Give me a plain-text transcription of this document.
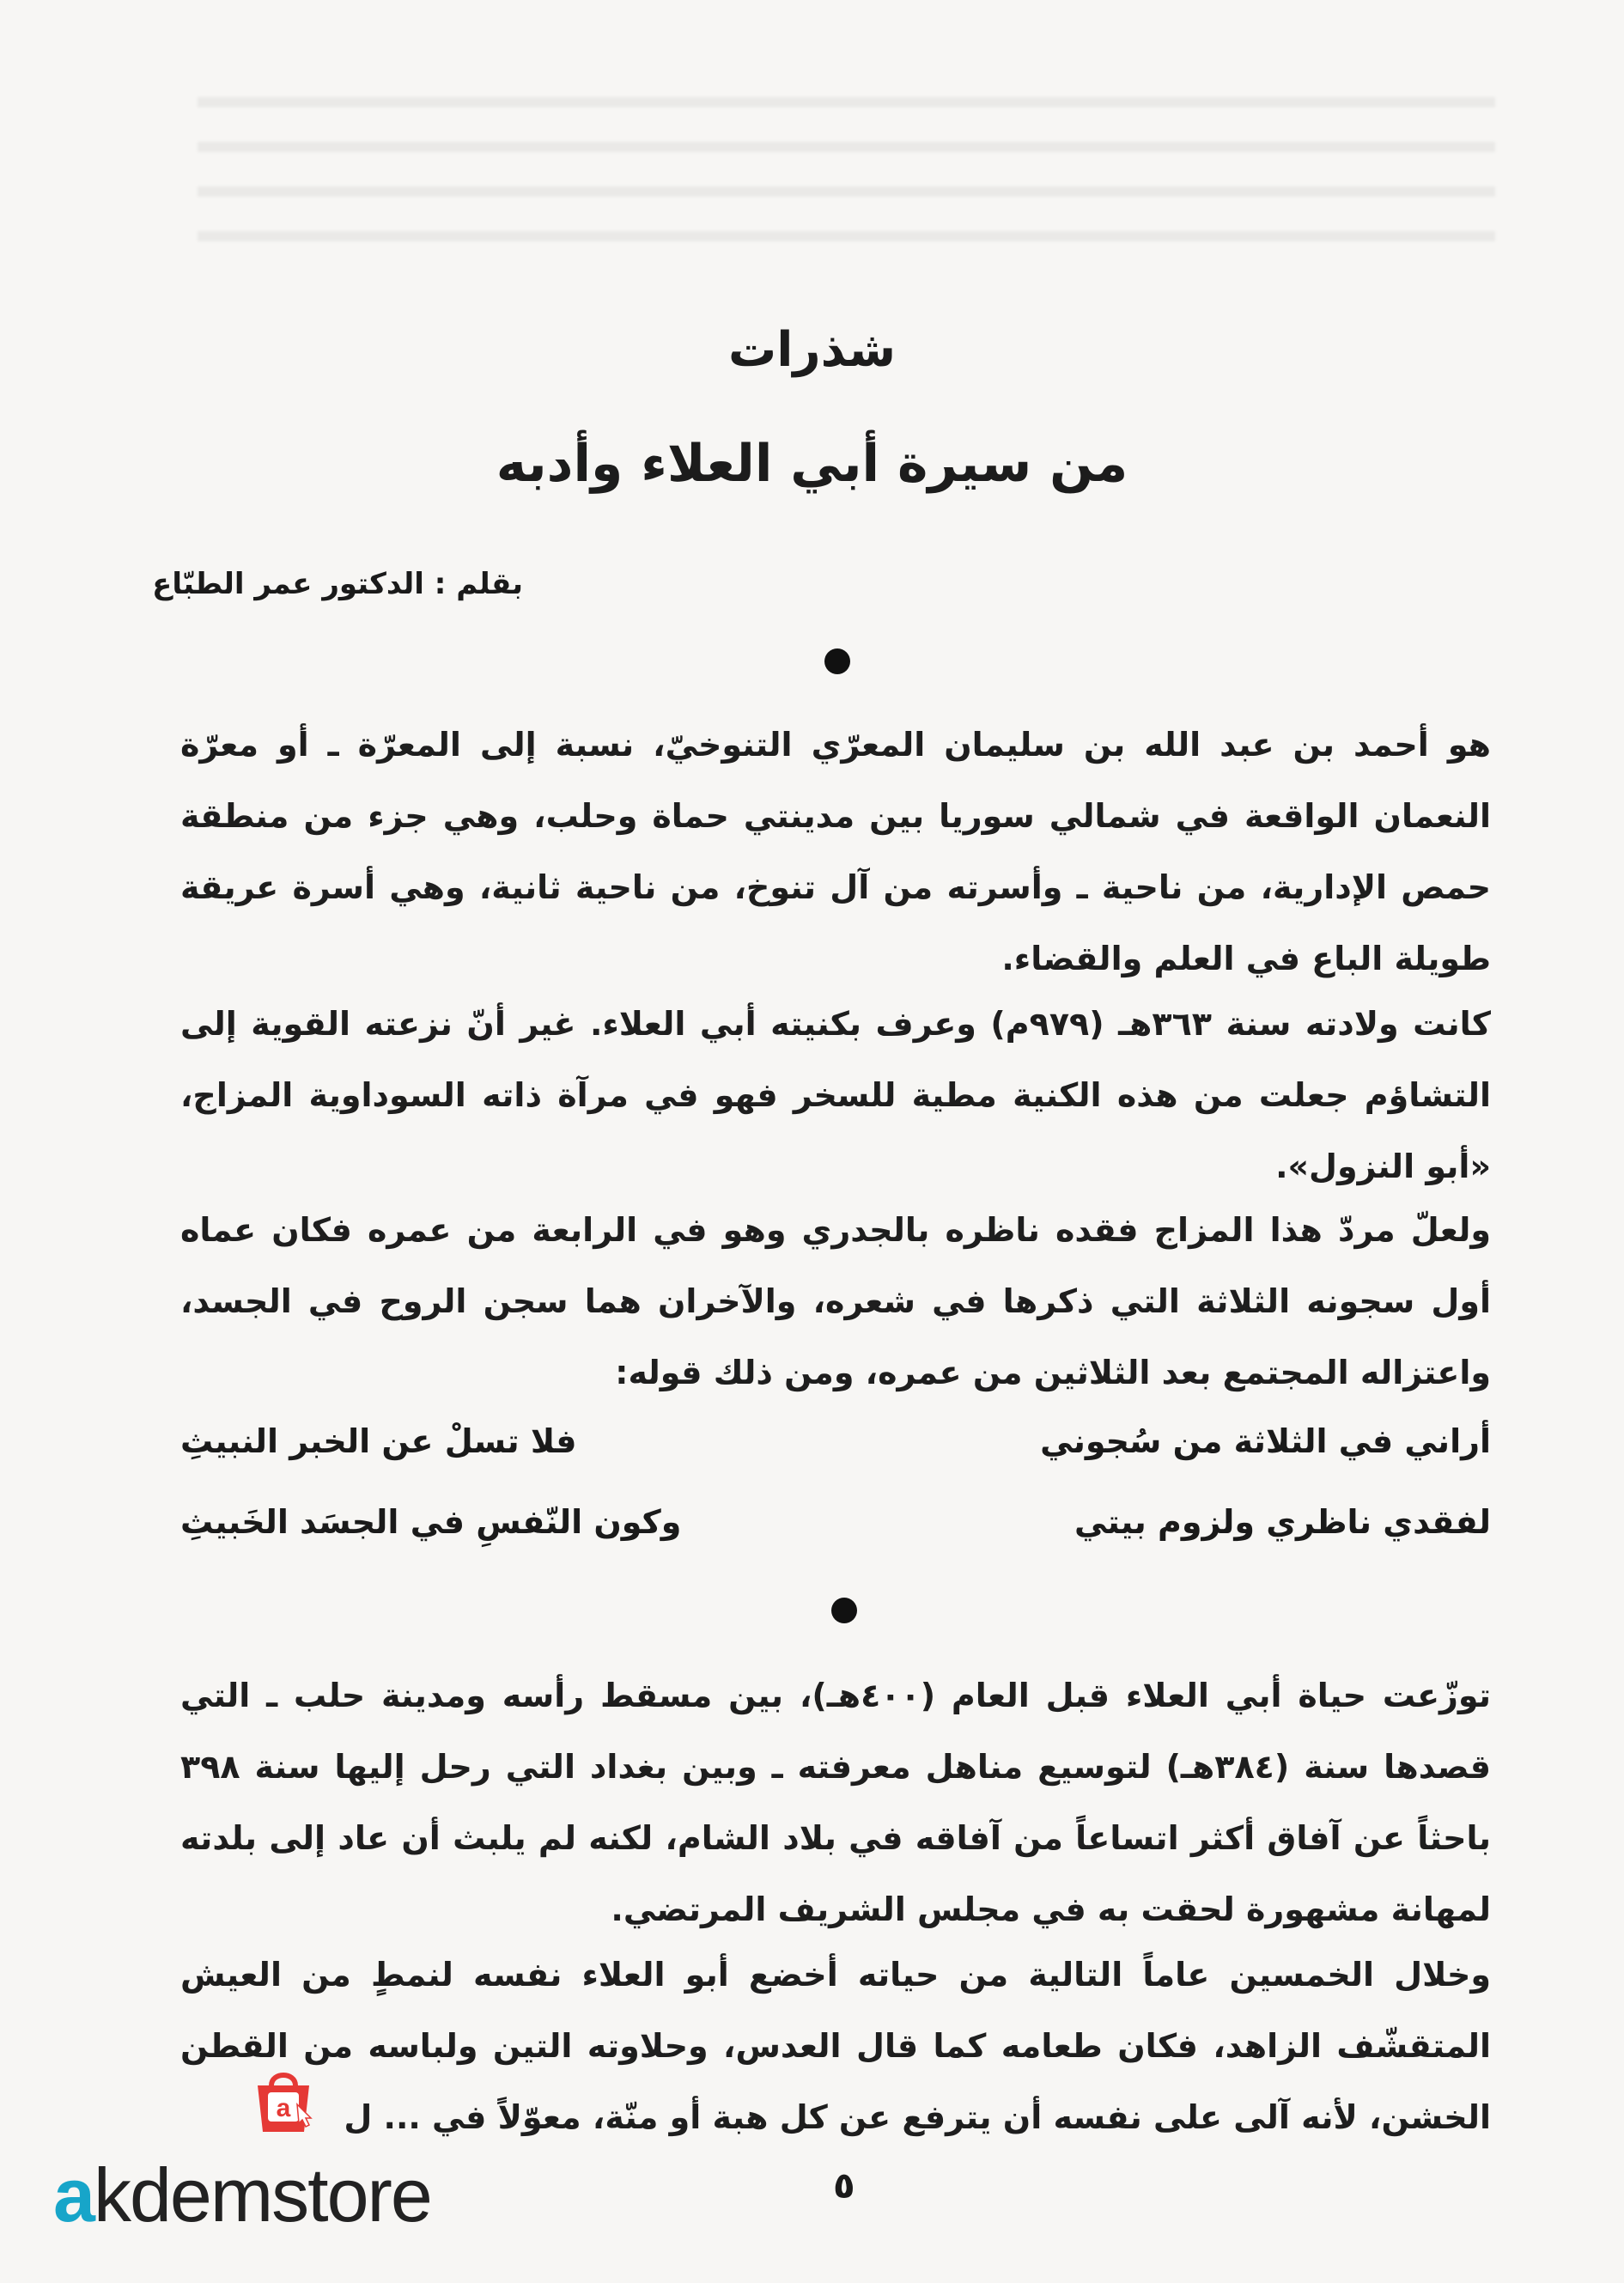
شذرات
من سيرة أبي العلاء وأدبه
بقلم : الدكتور عمر الطبّاع
هو أحمد بن عبد الله بن سليمان المعرّي التنوخيّ، نسبة إلى المعرّة ـ أو معرّة النعمان الواقعة في شمالي سوريا بين مدينتي حماة وحلب، وهي جزء من منطقة حمص الإدارية، من ناحية ـ وأسرته من آل تنوخ، من ناحية ثانية، وهي أسرة عريقة طويلة الباع في العلم والقضاء.
كانت ولادته سنة ٣٦٣هـ (٩٧٩م) وعرف بكنيته أبي العلاء. غير أنّ نزعته القوية إلى التشاؤم جعلت من هذه الكنية مطية للسخر فهو في مرآة ذاته السوداوية المزاج، «أبو النزول».
ولعلّ مردّ هذا المزاج فقده ناظره بالجدري وهو في الرابعة من عمره فكان عماه أول سجونه الثلاثة التي ذكرها في شعره، والآخران هما سجن الروح في الجسد، واعتزاله المجتمع بعد الثلاثين من عمره، ومن ذلك قوله:
أراني في الثلاثة من سُجوني
فلا تسلْ عن الخبر النبيثِ
لفقدي ناظري ولزوم بيتي
وكون النّفسِ في الجسَد الخَبيثِ
توزّعت حياة أبي العلاء قبل العام (٤٠٠هـ)، بين مسقط رأسه ومدينة حلب ـ التي قصدها سنة (٣٨٤هـ) لتوسيع مناهل معرفته ـ وبين بغداد التي رحل إليها سنة ٣٩٨ باحثاً عن آفاق أكثر اتساعاً من آفاقه في بلاد الشام، لكنه لم يلبث أن عاد إلى بلدته لمهانة مشهورة لحقت به في مجلس الشريف المرتضي.
وخلال الخمسين عاماً التالية من حياته أخضع أبو العلاء نفسه لنمطٍ من العيش المتقشّف الزاهد، فكان طعامه كما قال العدس، وحلاوته التين ولباسه من القطن الخشن، لأنه آلى على نفسه أن يترفع عن كل هبة أو منّة، معوّلاً في ... ل
٥
a
akdemstore
